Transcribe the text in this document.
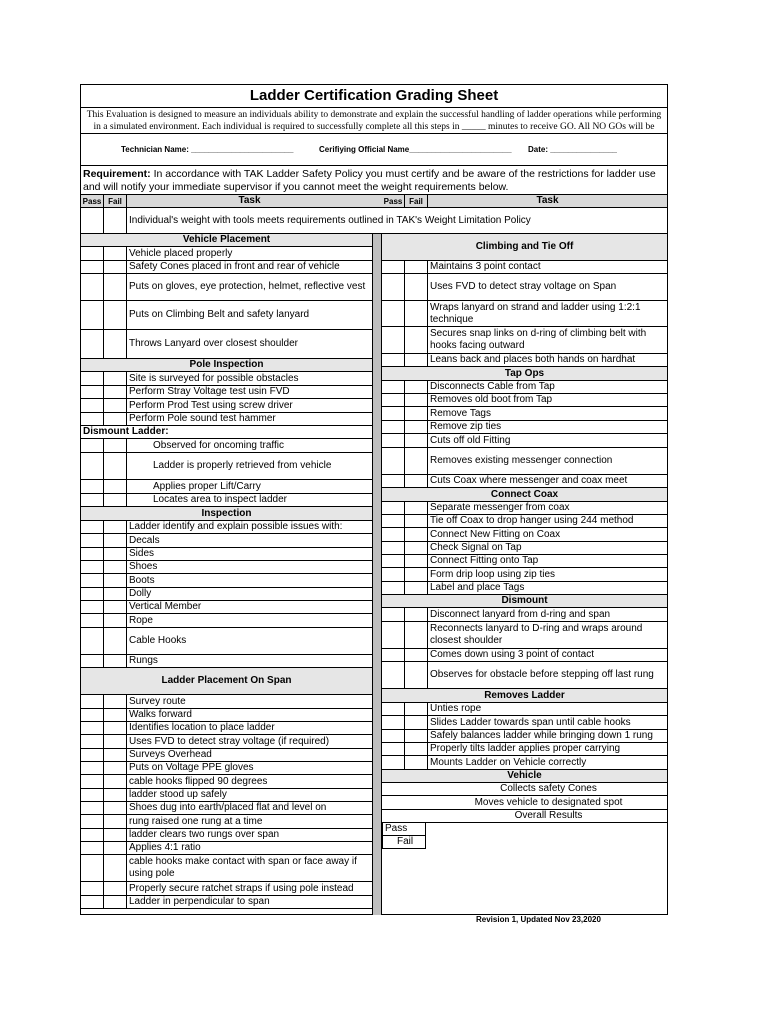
Ladder Certification Grading Sheet
This Evaluation is designed to measure an individuals ability to demonstrate and explain the successful handling of ladder operations while performing in a simulated environment. Each individual is required to successfully complete all this steps in _____ minutes to receive GO. All NO GOs will be
Technician Name: _______________________	Cerifiying Official Name_______________________ Date: _______________
Requirement: In accordance with TAK Ladder Safety Policy you must certify and be aware of the restrictions for ladder use and will notify your immediate supervisor if you cannot meet the weight requirements below.
Pass Fail	Task	Pass Fail	Task
Individual's weight with tools meets requirements outlined in TAK's Weight Limitation Policy
Vehicle Placement
Vehicle placed properly
Safety Cones placed in front and rear of vehicle
Puts on gloves, eye protection, helmet, reflective vest
Puts on Climbing Belt and safety lanyard
Throws Lanyard over closest shoulder
Pole Inspection
Site is surveyed for possible obstacles
Perform Stray Voltage test usin FVD
Perform Prod Test using screw driver
Perform Pole sound test hammer
Dismount Ladder:
Observed for oncoming traffic
Ladder is properly retrieved from vehicle
Applies proper Lift/Carry
Locates area to inspect ladder
Inspection
Ladder identify and explain possible issues with:
Decals
Sides
Shoes
Boots
Dolly
Vertical Member
Rope
Cable Hooks
Rungs
Ladder Placement On Span
Survey route
Walks forward
Identifies location to place ladder
Uses FVD to detect stray voltage (if required)
Surveys Overhead
Puts on Voltage PPE gloves
cable hooks flipped 90 degrees
ladder stood up safely
Shoes dug into earth/placed flat and level on
rung raised one rung at a time
ladder clears two rungs over span
Applies 4:1 ratio
cable hooks make contact with span or face away if using pole
Properly secure ratchet straps if using pole instead
Ladder in perpendicular to span
Climbing and Tie Off
Maintains 3 point contact
Uses FVD to detect stray voltage on Span
Wraps lanyard on strand and ladder using 1:2:1 technique
Secures snap links on d-ring of climbing belt with hooks facing outward
Leans back and places both hands on hardhat
Tap Ops
Disconnects Cable from Tap
Removes old boot from Tap
Remove Tags
Remove zip ties
Cuts off old Fitting
Removes existing messenger connection
Cuts Coax where messenger and coax meet
Connect Coax
Separate messenger from coax
Tie off Coax to drop hanger using 244 method
Connect New Fitting on Coax
Check Signal on Tap
Connect Fitting onto Tap
Form drip loop using zip ties
Label and place Tags
Dismount
Disconnect lanyard from d-ring and span
Reconnects lanyard to D-ring and wraps around closest shoulder
Comes down using 3 point of contact
Observes for obstacle before stepping off last rung
Removes Ladder
Unties rope
Slides Ladder towards span until cable hooks
Safely balances ladder while bringing down 1 rung
Properly tilts ladder applies proper carrying
Mounts Ladder on Vehicle correctly
Vehicle
Collects safety Cones
Moves vehicle to designated spot
Overall Results
Pass
Fail
Revision 1, Updated Nov 23,2020
